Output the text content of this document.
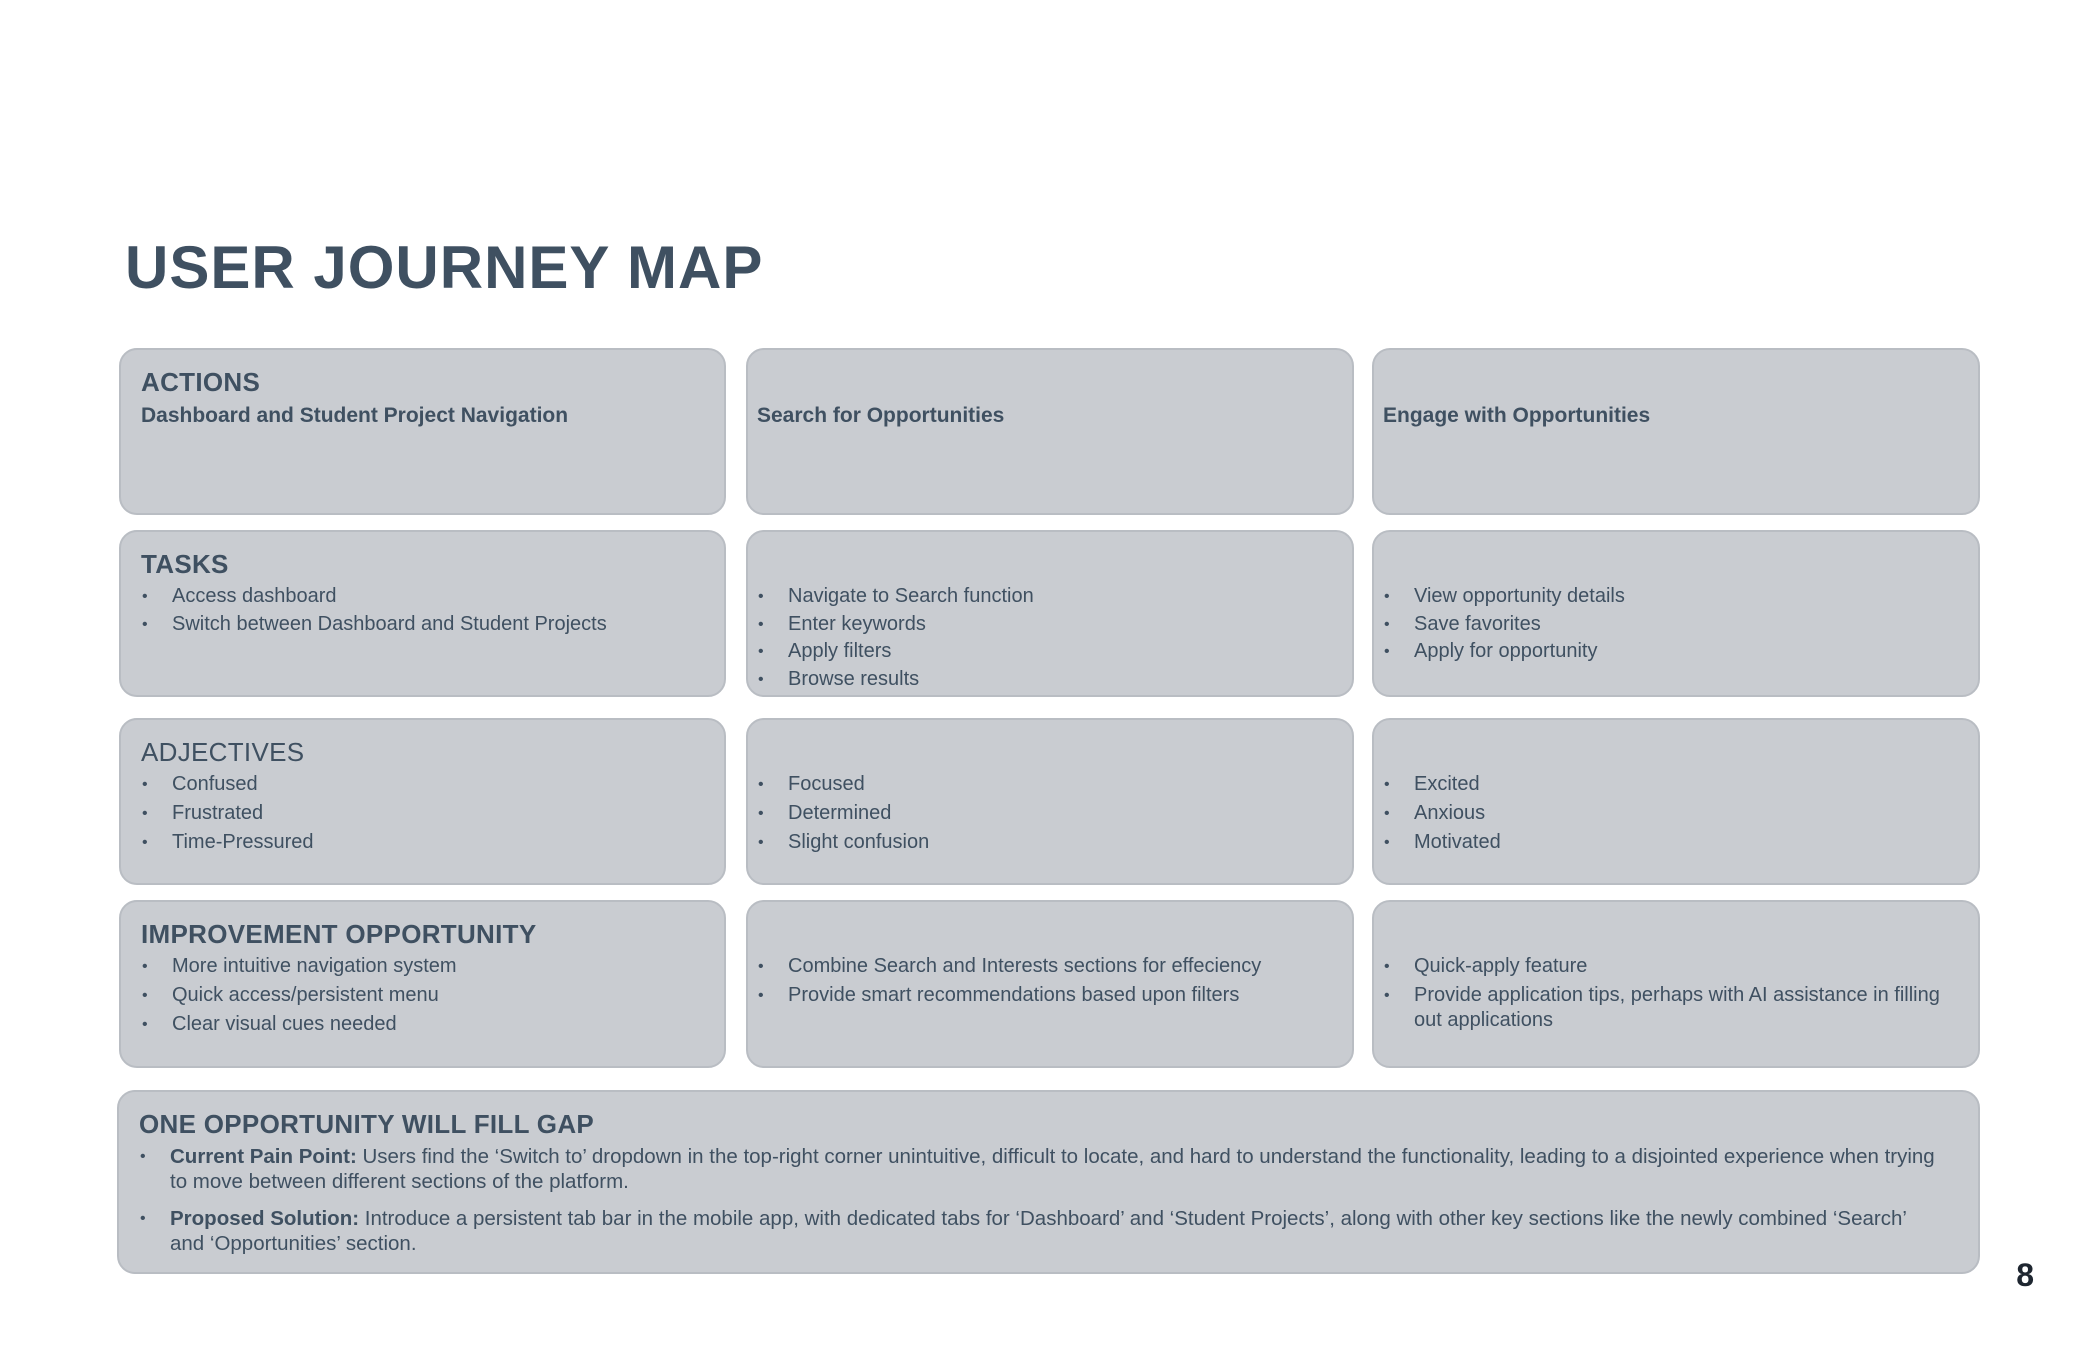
USER JOURNEY MAP
ACTIONS

Dashboard and Student Project Navigation	Search for Opportunities	Engage with Opportunities

TASKS
• Access dashboard
• Switch between Dashboard and Student Projects
• Navigate to Search function
• Enter keywords
• Apply filters
• Browse results
• View opportunity details
• Save favorites
• Apply for opportunity
ADJECTIVES
• Confused
• Frustrated
• Time-Pressured
• Focused
• Determined
• Slight confusion
• Excited
• Anxious
• Motivated
IMPROVEMENT OPPORTUNITY
• More intuitive navigation system
• Quick access/persistent menu
• Clear visual cues needed
• Combine Search and Interests sections for effeciency
• Provide smart recommendations based upon filters
• Quick-apply feature
• Provide application tips, perhaps with AI assistance in filling out applications
ONE OPPORTUNITY WILL FILL GAP
• Current Pain Point: Users find the ‘Switch to’ dropdown in the top-right corner unintuitive, difficult to locate, and hard to understand the functionality, leading to a disjointed experience when trying to move between different sections of the platform.
• Proposed Solution: Introduce a persistent tab bar in the mobile app, with dedicated tabs for ‘Dashboard’ and ‘Student Projects’, along with other key sections like the newly combined ‘Search’ and ‘Opportunities’ section.
8
